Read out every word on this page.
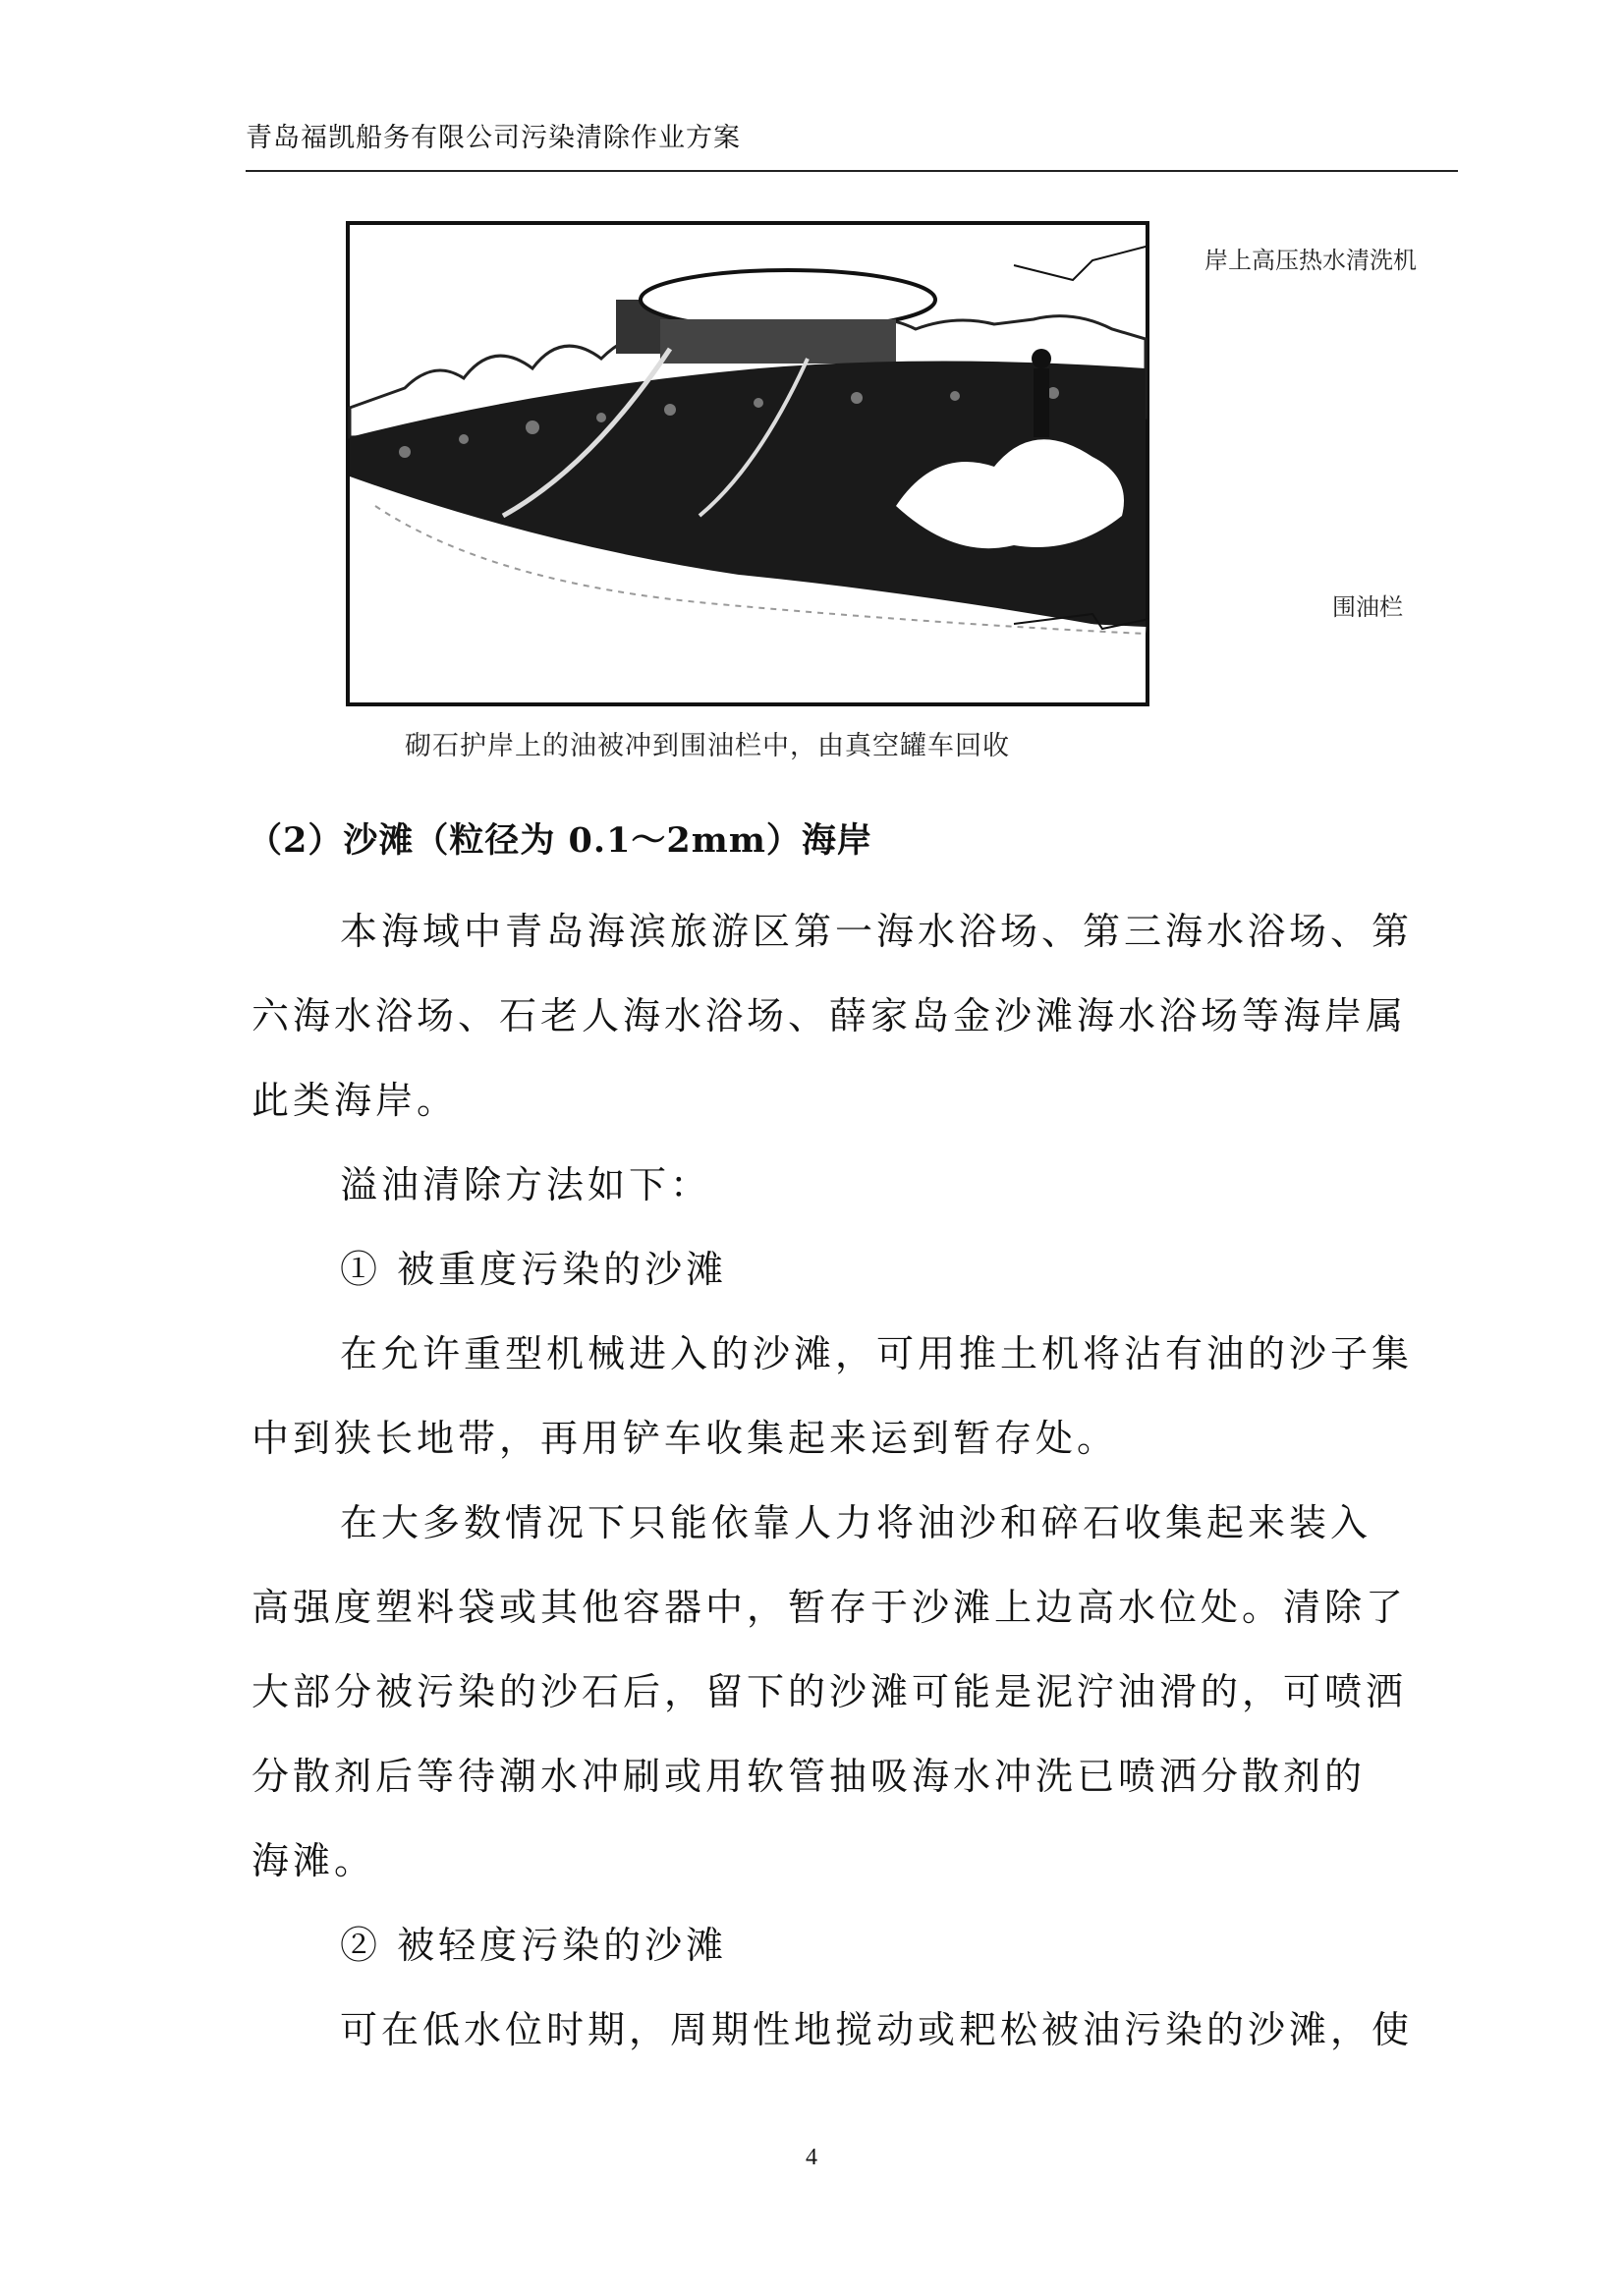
青岛福凯船务有限公司污染清除作业方案
岸上高压热水清洗机
围油栏
砌石护岸上的油被冲到围油栏中，由真空罐车回收
（2）沙滩（粒径为 0.1～2mm）海岸
本海域中青岛海滨旅游区第一海水浴场、第三海水浴场、第
六海水浴场、石老人海水浴场、薛家岛金沙滩海水浴场等海岸属
此类海岸。
溢油清除方法如下：
① 被重度污染的沙滩
在允许重型机械进入的沙滩，可用推土机将沾有油的沙子集
中到狭长地带，再用铲车收集起来运到暂存处。
在大多数情况下只能依靠人力将油沙和碎石收集起来装入
高强度塑料袋或其他容器中，暂存于沙滩上边高水位处。清除了
大部分被污染的沙石后，留下的沙滩可能是泥泞油滑的，可喷洒
分散剂后等待潮水冲刷或用软管抽吸海水冲洗已喷洒分散剂的
海滩。
② 被轻度污染的沙滩
可在低水位时期，周期性地搅动或耙松被油污染的沙滩，使
4
